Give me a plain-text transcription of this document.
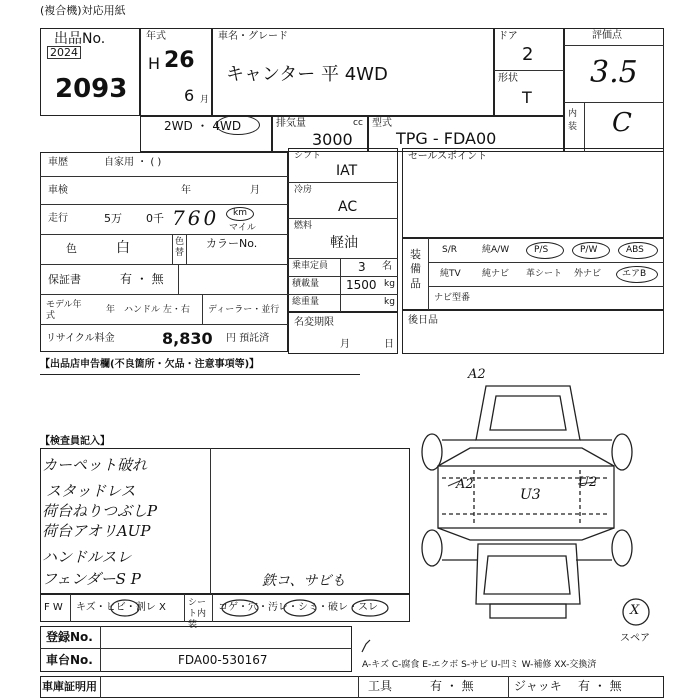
(複合機)対応用紙
出品No.
2024
2093
年式
H 26
6 月
車名・グレード
キャンター 平 4WD
ドア
2
形状
T
評価点
3.5
内装 C
2WD ・ 4WD	排気量
3000
cc 型式
TPG - FDA00
車歴	自家用 ・ ( )
車検	年	月
走行	5万 0千 760 km
マイル
色	白	色替
カラーNo.
保証書	有 ・ 無
モデル年式
年 ハンドル 左・右 ディーラー・並行
リサイクル料金	8,830 円 預託済
シフト
IAT
冷房
AC
燃料
軽油
乗車定員 3 名
積載量 1500 kg
総重量	kg
名変期限
月	日
セールスポイント
装備品
S/R	純A/W	P/S	P/W	ABS
純TV 純ナビ 革シート 外ナビ エアB
ナビ型番
後日品
【出品店申告欄(不良箇所・欠品・注意事項等)】
【検査員記入】
カーペット破れ
スタッドレス
荷台ねりつぶしP
荷台アオリAUP
ハンドルスレ
フェンダーS P	鉄コ、サビも
F W キズ・ヒビ・割レ X シート内装
コゲ・穴・汚レ・シミ・破レ・スレ
登録No.
車台No.	FDA00-530167	A-キズ C-腐食 E-エクボ S-サビ U-凹ミ W-補修 XX-交換済
車庫証明用	工具	有 ・ 無	ジャッキ 有 ・ 無
A2
A2
U3
U2
X
スペア
